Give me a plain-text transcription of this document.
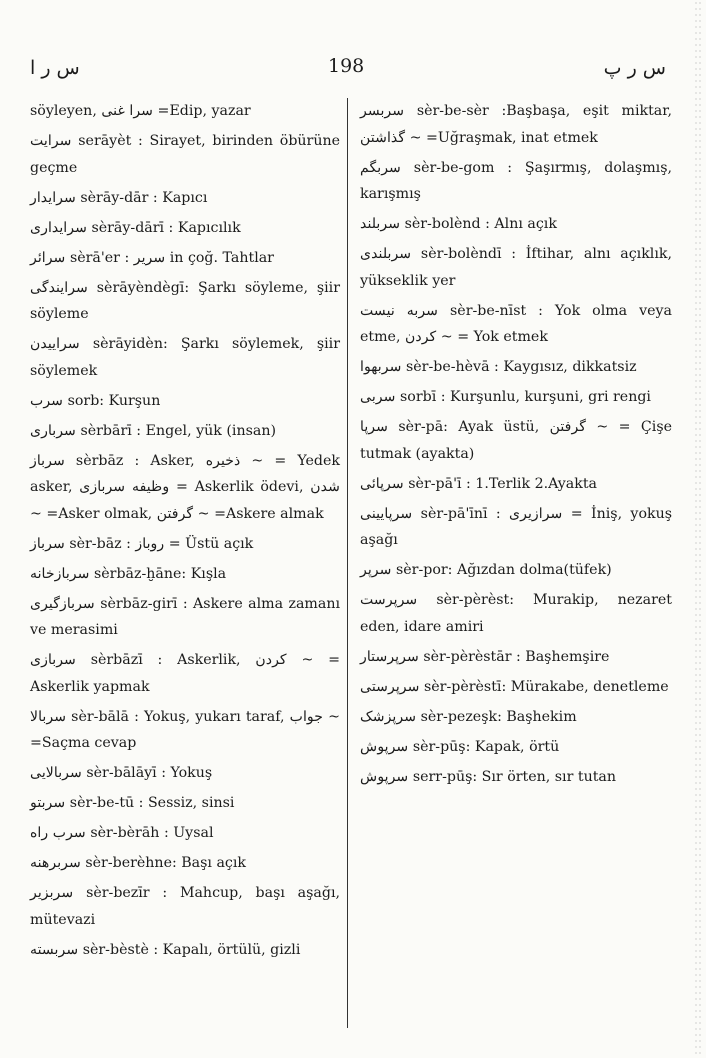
س ر ا	198	س ر پ
söyleyen, سرا غنی =Edip, yazar
سرایت serāyèt : Sirayet, birinden öbürüne geçme
سرایدار sèrāy-dār : Kapıcı
سرایداری sèrāy-dārī : Kapıcılık
سرائر sèrā'er : سریر in çoğ. Tahtlar
سرایندگی sèrāyèndègī: Şarkı söyleme, şiir söyleme
سراییدن sèrāyidèn: Şarkı söylemek, şiir söylemek
سرب sorb: Kurşun
سرباری sèrbārī : Engel, yük (insan)
سرباز sèrbāz : Asker, ذخیره ~ = Yedek asker, وظیفه سربازی = Askerlik ödevi, شدن ~ =Asker olmak, گرفتن ~ =Askere almak
سرباز sèr-bāz : روباز = Üstü açık
سربازخانه sèrbāz-ḫāne: Kışla
سربازگیری sèrbāz-girī : Askere alma zamanı ve merasimi
سربازی sèrbāzī : Askerlik, کردن ~ = Askerlik yapmak
سربالا sèr-bālā : Yokuş, yukarı taraf, جواب ~ =Saçma cevap
سربالایی sèr-bālāyī : Yokuş
سربتو sèr-be-tū : Sessiz, sinsi
سرب راه sèr-bèrāh : Uysal
سربرهنه sèr-berèhne: Başı açık
سربزیر sèr-bezīr : Mahcup, başı aşağı, mütevazi
سربسته sèr-bèstè : Kapalı, örtülü, gizli
سربسر sèr-be-sèr :Başbaşa, eşit miktar, گذاشتن ~ =Uğraşmak, inat etmek
سربگم sèr-be-gom : Şaşırmış, dolaşmış, karışmış
سربلند sèr-bolènd : Alnı açık
سربلندی sèr-bolèndī : İftihar, alnı açıklık, yükseklik yer
سربه نیست sèr-be-nīst : Yok olma veya etme, کردن ~ = Yok etmek
سربهوا sèr-be-hèvā : Kaygısız, dikkatsiz
سربی sorbī : Kurşunlu, kurşuni, gri rengi
سرپا sèr-pā: Ayak üstü, گرفتن ~ = Çişe tutmak (ayakta)
سرپائی sèr-pā'ī : 1.Terlik 2.Ayakta
سرپایینی sèr-pā'īnī : سرازیری = İniş, yokuş aşağı
سرپر sèr-por: Ağızdan dolma(tüfek)
سرپرست sèr-pèrèst: Murakip, nezaret eden, idare amiri
سرپرستار sèr-pèrèstār : Başhemşire
سرپرستی sèr-pèrèstī: Mürakabe, denetleme
سرپزشک sèr-pezeşk: Başhekim
سرپوش sèr-pūş: Kapak, örtü
سرپوش serr-pūş: Sır örten, sır tutan
